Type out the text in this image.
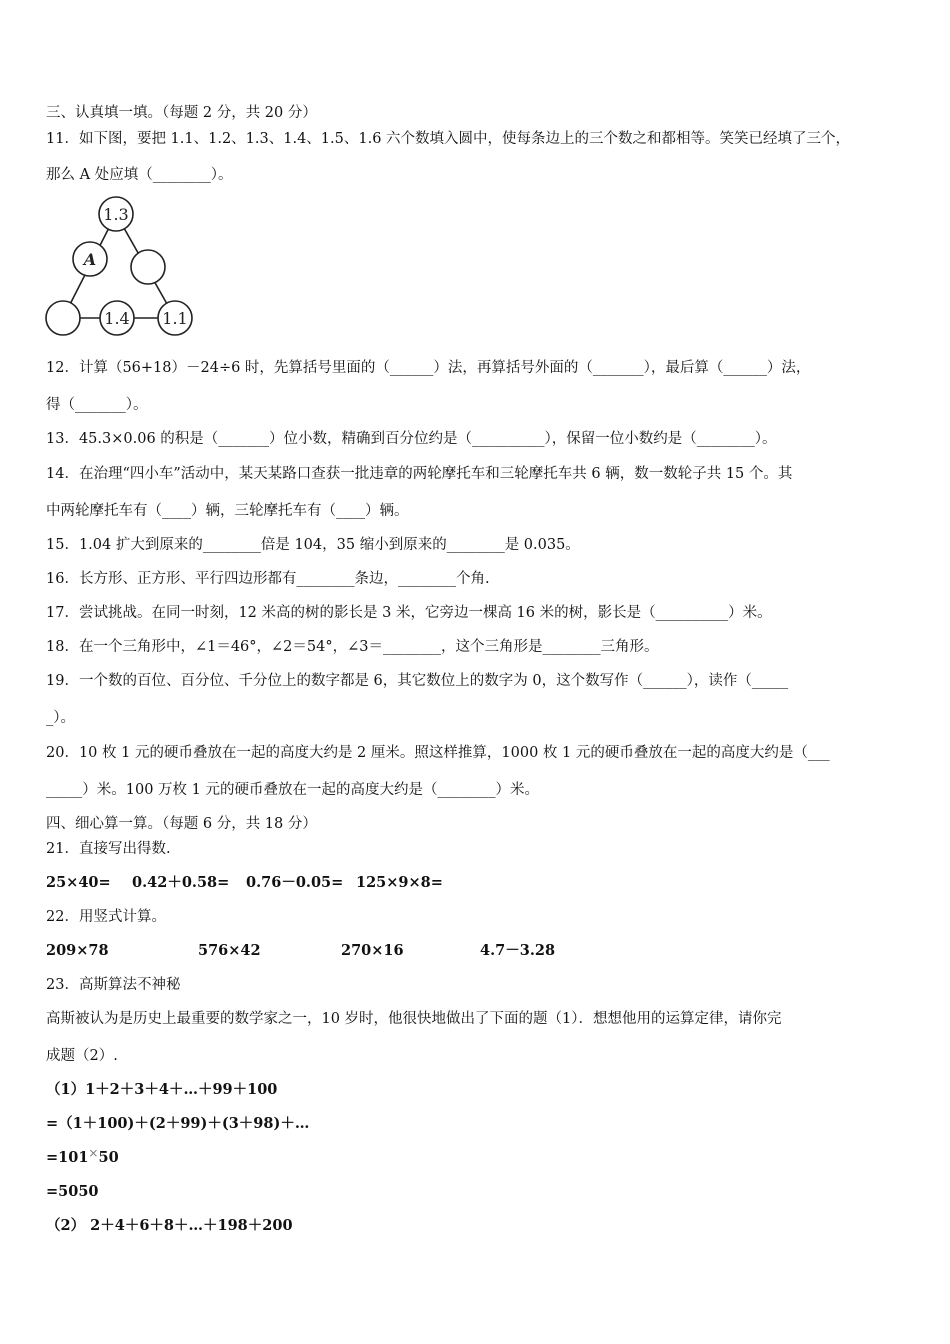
三、认真填一填。（每题 2 分，共 20 分）
11．如下图，要把 1.1、1.2、1.3、1.4、1.5、1.6 六个数填入圆中，使每条边上的三个数之和都相等。笑笑已经填了三个，
那么 A 处应填（________）。
1.3
A
1.4 1.1
12．计算（56+18）－24÷6 时，先算括号里面的（______）法，再算括号外面的（_______），最后算（______）法，
得（_______）。
13．45.3×0.06 的积是（_______）位小数，精确到百分位约是（__________），保留一位小数约是（________）。
14．在治理“四小车”活动中，某天某路口查获一批违章的两轮摩托车和三轮摩托车共 6 辆，数一数轮子共 15 个。其
中两轮摩托车有（____）辆，三轮摩托车有（____）辆。
15．1.04 扩大到原来的________倍是 104，35 缩小到原来的________是 0.035。
16．长方形、正方形、平行四边形都有________条边，________个角.
17．尝试挑战。在同一时刻，12 米高的树的影长是 3 米，它旁边一棵高 16 米的树，影长是（__________）米。
18．在一个三角形中，∠1＝46°，∠2＝54°，∠3＝________，这个三角形是________三角形。
19．一个数的百位、百分位、千分位上的数字都是 6，其它数位上的数字为 0，这个数写作（______），读作（_____
_）。
20．10 枚 1 元的硬币叠放在一起的高度大约是 2 厘米。照这样推算，1000 枚 1 元的硬币叠放在一起的高度大约是（___
_____）米。100 万枚 1 元的硬币叠放在一起的高度大约是（________）米。
四、细心算一算。（每题 6 分，共 18 分）
21．直接写出得数.
25×40= 0.42＋0.58= 0.76－0.05= 125×9×8=
22．用竖式计算。
209×78	576×42	270×16	4.7－3.28
23．高斯算法不神秘
高斯被认为是历史上最重要的数学家之一，10 岁时，他很快地做出了下面的题（1）．想想他用的运算定律，请你完
成题（2）.
（1）1＋2＋3＋4＋…＋99＋100
=（1＋100)＋(2＋99)＋(3＋98)＋…
=101×50
=5050
（2） 2＋4＋6＋8＋…＋198＋200
